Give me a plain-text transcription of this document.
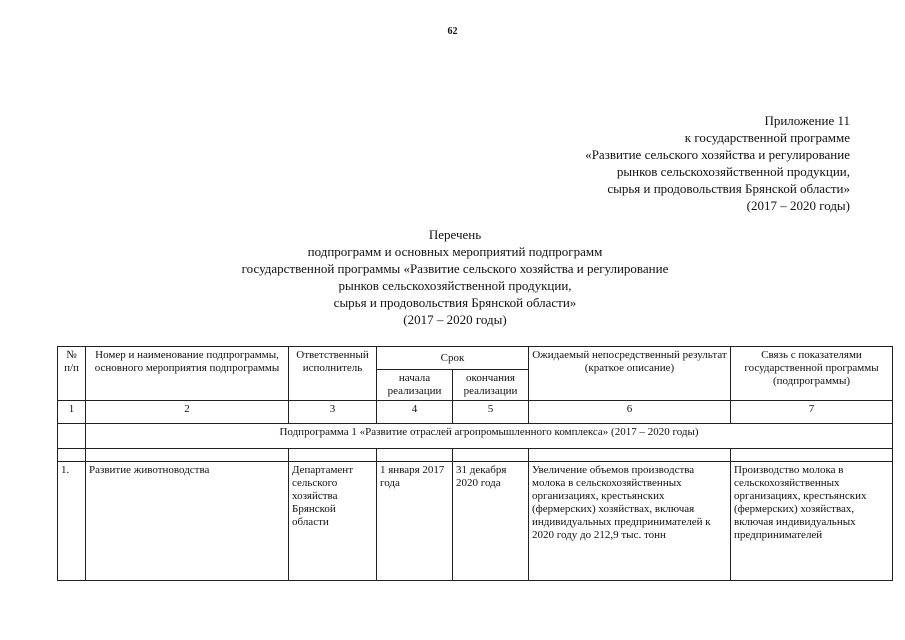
62
Приложение 11
к государственной программе
«Развитие сельского хозяйства и регулирование
рынков сельскохозяйственной продукции,
сырья и продовольствия Брянской области»
(2017 – 2020 годы)
Перечень
подпрограмм и основных мероприятий подпрограмм
государственной программы «Развитие сельского хозяйства и регулирование
рынков сельскохозяйственной продукции,
сырья и продовольствия Брянской области»
(2017 – 2020 годы)
№ п/п	Номер и наименование подпрограммы, основного мероприятия подпрограммы	Ответственный исполнитель	Срок		Ожидаемый непосредственный результат (краткое описание)	Связь с показателями государственной программы (подпрограммы)
			начала реализации	окончания реализации		
1	2	3	4	5	6	7
	Подпрограмма 1 «Развитие отраслей агропромышленного комплекса» (2017 – 2020 годы)					

1.	Развитие животноводства	Департамент сельского хозяйства Брянской области	1 января 2017 года	31 декабря 2020 года	Увеличение объемов производства молока в сельскохозяйственных организациях, крестьянских (фермерских) хозяйствах, включая индивидуальных предпринимателей к 2020 году до 212,9 тыс. тонн	Производство молока в сельскохозяйственных организациях, крестьянских (фермерских) хозяйствах, включая индивидуальных предпринимателей
